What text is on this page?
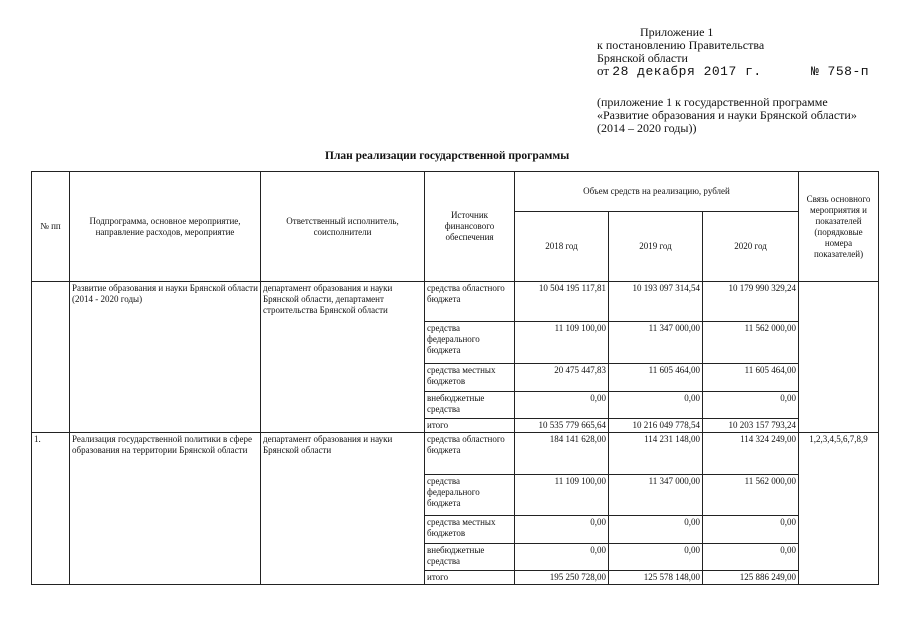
Приложение 1
к постановлению Правительства
Брянской области
от 28 декабря 2017 г.	№ 758-п
(приложение 1 к государственной программе
«Развитие образования и науки Брянской области»
(2014 – 2020 годы))
План реализации государственной программы
№ пп	Подпрограмма, основное мероприятие, направление расходов, мероприятие	Ответственный исполнитель, соисполнители	Источник финансового обеспечения	Объем средств на реализацию, рублей			Связь основного мероприятия и показателей (порядковые номера показателей)
				2018 год	2019 год	2020 год	
	Развитие образования и науки Брянской области (2014 - 2020 годы)	департамент образования и науки Брянской области, департамент строительства Брянской области	средства областного бюджета	10 504 195 117,81	10 193 097 314,54	10 179 990 329,24	
			средства федерального бюджета	11 109 100,00	11 347 000,00	11 562 000,00	
			средства местных бюджетов	20 475 447,83	11 605 464,00	11 605 464,00	
			внебюджетные средства	0,00	0,00	0,00	
			итого	10 535 779 665,64	10 216 049 778,54	10 203 157 793,24	
1.	Реализация государственной политики в сфере образования на территории Брянской области	департамент образования и науки Брянской области	средства областного бюджета	184 141 628,00	114 231 148,00	114 324 249,00	1,2,3,4,5,6,7,8,9
			средства федерального бюджета	11 109 100,00	11 347 000,00	11 562 000,00	
			средства местных бюджетов	0,00	0,00	0,00	
			внебюджетные средства	0,00	0,00	0,00	
			итого	195 250 728,00	125 578 148,00	125 886 249,00	
